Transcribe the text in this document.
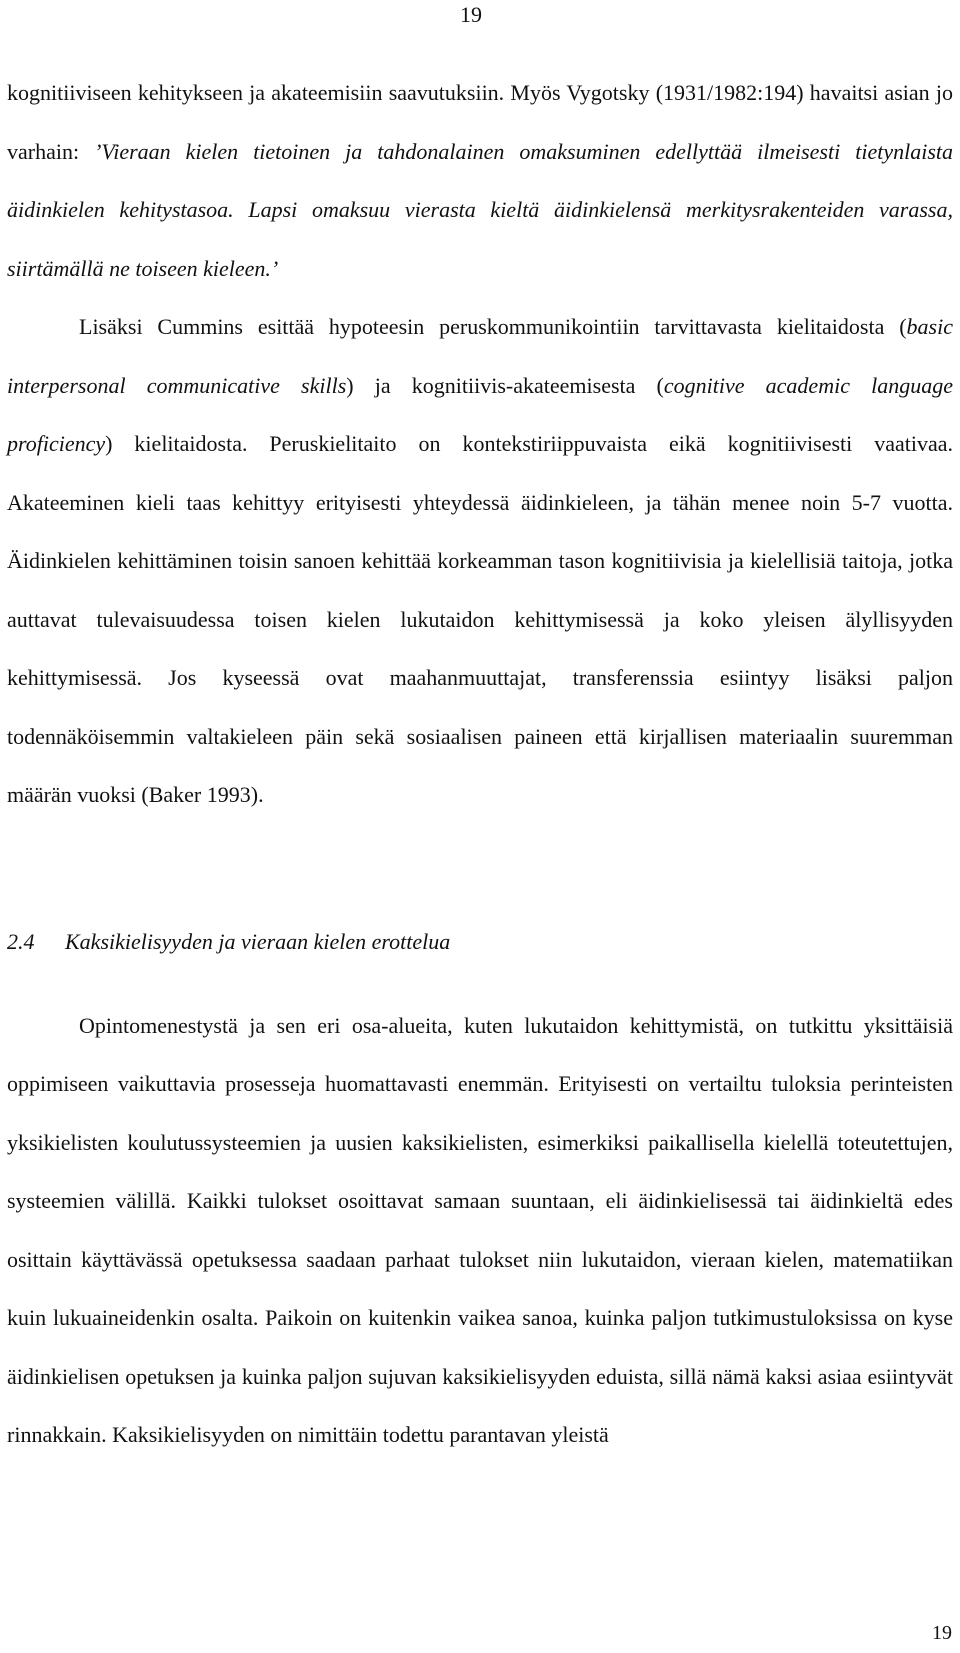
19

kognitiiviseen kehitykseen ja akateemisiin saavutuksiin. Myös Vygotsky (1931/1982:194) havaitsi asian jo varhain: ’Vieraan kielen tietoinen ja tahdonalainen omaksuminen edellyttää ilmeisesti tietynlaista äidinkielen kehitystasoa. Lapsi omaksuu vierasta kieltä äidinkielensä merkitysrakenteiden varassa, siirtämällä ne toiseen kieleen.’

Lisäksi Cummins esittää hypoteesin peruskommunikointiin tarvittavasta kielitaidosta (basic interpersonal communicative skills) ja kognitiivis-akateemisesta (cognitive academic language proficiency) kielitaidosta. Peruskielitaito on kontekstiriippuvaista eikä kognitiivisesti vaativaa. Akateeminen kieli taas kehittyy erityisesti yhteydessä äidinkieleen, ja tähän menee noin 5-7 vuotta. Äidinkielen kehittäminen toisin sanoen kehittää korkeamman tason kognitiivisia ja kielellisiä taitoja, jotka auttavat tulevaisuudessa toisen kielen lukutaidon kehittymisessä ja koko yleisen älyllisyyden kehittymisessä. Jos kyseessä ovat maahanmuuttajat, transferenssia esiintyy lisäksi paljon todennäköisemmin valtakieleen päin sekä sosiaalisen paineen että kirjallisen materiaalin suuremman määrän vuoksi (Baker 1993).

2.4 Kaksikielisyyden ja vieraan kielen erottelua

Opintomenestystä ja sen eri osa-alueita, kuten lukutaidon kehittymistä, on tutkittu yksittäisiä oppimiseen vaikuttavia prosesseja huomattavasti enemmän. Erityisesti on vertailtu tuloksia perinteisten yksikielisten koulutussysteemien ja uusien kaksikielisten, esimerkiksi paikallisella kielellä toteutettujen, systeemien välillä. Kaikki tulokset osoittavat samaan suuntaan, eli äidinkielisessä tai äidinkieltä edes osittain käyttävässä opetuksessa saadaan parhaat tulokset niin lukutaidon, vieraan kielen, matematiikan kuin lukuaineidenkin osalta. Paikoin on kuitenkin vaikea sanoa, kuinka paljon tutkimustuloksissa on kyse äidinkielisen opetuksen ja kuinka paljon sujuvan kaksikielisyyden eduista, sillä nämä kaksi asiaa esiintyvät rinnakkain. Kaksikielisyyden on nimittäin todettu parantavan yleistä

19
